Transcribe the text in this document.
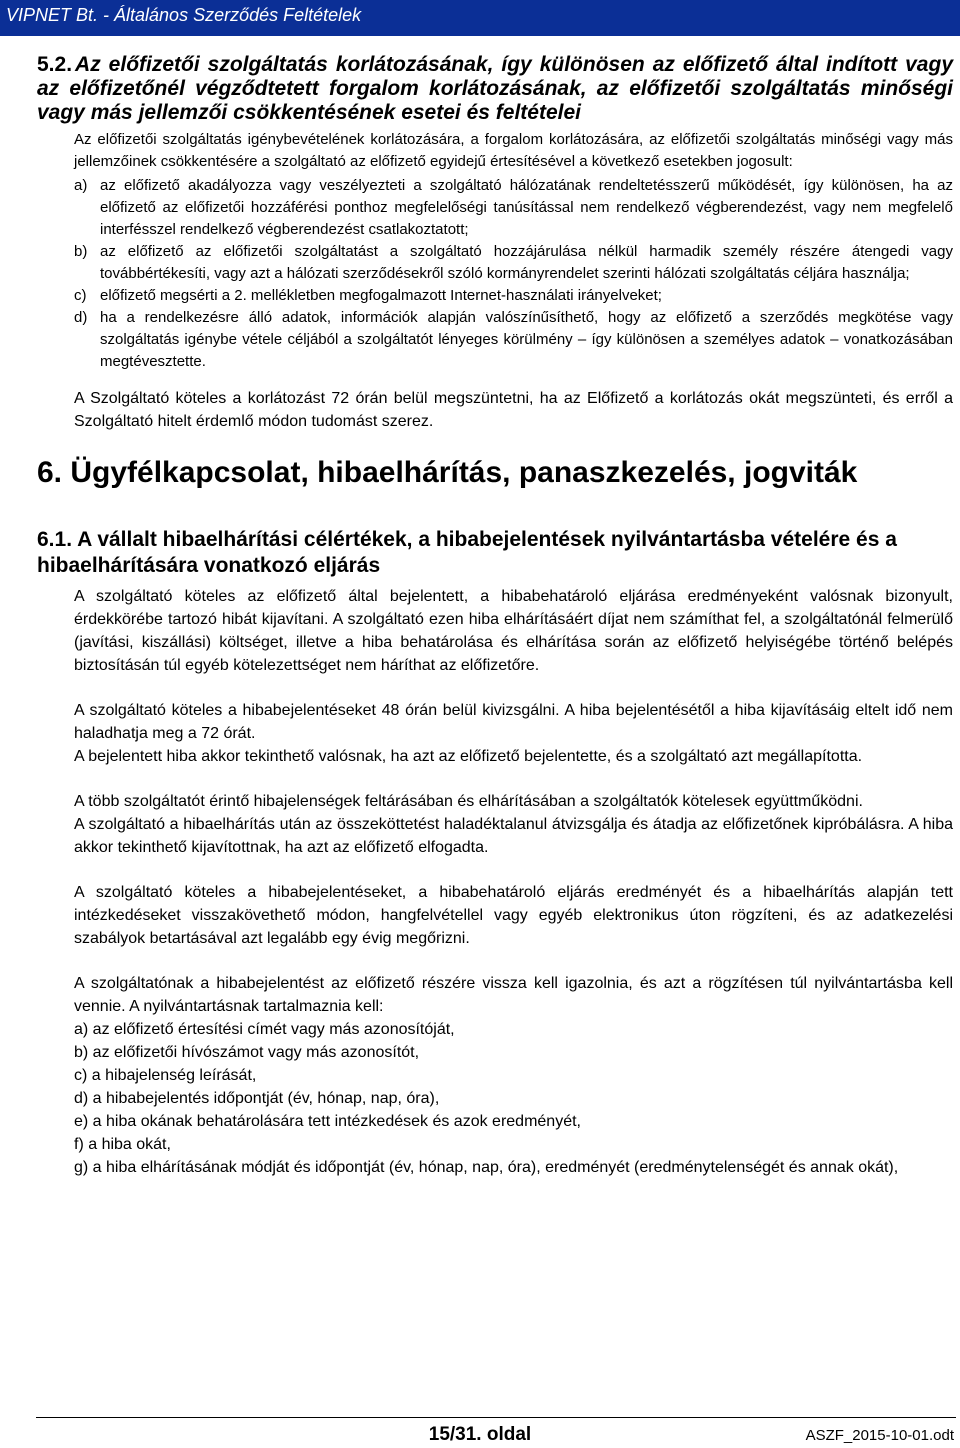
VIPNET Bt. - Általános Szerződés Feltételek
5.2. Az előfizetői szolgáltatás korlátozásának, így különösen az előfizető által indított vagy az előfizetőnél végződtetett forgalom korlátozásának, az előfizetői szolgáltatás minőségi vagy más jellemzői csökkentésének esetei és feltételei
Az előfizetői szolgáltatás igénybevételének korlátozására, a forgalom korlátozására, az előfizetői szolgáltatás minőségi vagy más jellemzőinek csökkentésére a szolgáltató az előfizető egyidejű értesítésével a következő esetekben jogosult:
a) az előfizető akadályozza vagy veszélyezteti a szolgáltató hálózatának rendeltetésszerű működését, így különösen, ha az előfizető az előfizetői hozzáférési ponthoz megfelelőségi tanúsítással nem rendelkező végberendezést, vagy nem megfelelő interfésszel rendelkező végberendezést csatlakoztatott;
b) az előfizető az előfizetői szolgáltatást a szolgáltató hozzájárulása nélkül harmadik személy részére átengedi vagy továbbértékesíti, vagy azt a hálózati szerződésekről szóló kormányrendelet szerinti hálózati szolgáltatás céljára használja;
c) előfizető megsérti a 2. mellékletben megfogalmazott Internet-használati irányelveket;
d) ha a rendelkezésre álló adatok, információk alapján valószínűsíthető, hogy az előfizető a szerződés megkötése vagy szolgáltatás igénybe vétele céljából a szolgáltatót lényeges körülmény – így különösen a személyes adatok – vonatkozásában megtévesztette.
A Szolgáltató köteles a korlátozást 72 órán belül megszüntetni, ha az Előfizető a korlátozás okát megszünteti, és erről a Szolgáltató hitelt érdemlő módon tudomást szerez.
6. Ügyfélkapcsolat, hibaelhárítás, panaszkezelés, jogviták
6.1. A vállalt hibaelhárítási célértékek, a hibabejelentések nyilvántartásba vételére és a hibaelhárítására vonatkozó eljárás
A szolgáltató köteles az előfizető által bejelentett, a hibabehatároló eljárása eredményeként valósnak bizonyult, érdekkörébe tartozó hibát kijavítani. A szolgáltató ezen hiba elhárításáért díjat nem számíthat fel, a szolgáltatónál felmerülő (javítási, kiszállási) költséget, illetve a hiba behatárolása és elhárítása során az előfizető helyiségébe történő belépés biztosításán túl egyéb kötelezettséget nem háríthat az előfizetőre.
A szolgáltató köteles a hibabejelentéseket 48 órán belül kivizsgálni. A hiba bejelentésétől a hiba kijavításáig eltelt idő nem haladhatja meg a 72 órát.
A bejelentett hiba akkor tekinthető valósnak, ha azt az előfizető bejelentette, és a szolgáltató azt megállapította.
A több szolgáltatót érintő hibajelenségek feltárásában és elhárításában a szolgáltatók kötelesek együttműködni.
A szolgáltató a hibaelhárítás után az összeköttetést haladéktalanul átvizsgálja és átadja az előfizetőnek kipróbálásra. A hiba akkor tekinthető kijavítottnak, ha azt az előfizető elfogadta.
A szolgáltató köteles a hibabejelentéseket, a hibabehatároló eljárás eredményét és a hibaelhárítás alapján tett intézkedéseket visszakövethető módon, hangfelvétellel vagy egyéb elektronikus úton rögzíteni, és az adatkezelési szabályok betartásával azt legalább egy évig megőrizni.
A szolgáltatónak a hibabejelentést az előfizető részére vissza kell igazolnia, és azt a rögzítésen túl nyilvántartásba kell vennie. A nyilvántartásnak tartalmaznia kell:
a) az előfizető értesítési címét vagy más azonosítóját,
b) az előfizetői hívószámot vagy más azonosítót,
c) a hibajelenség leírását,
d) a hibabejelentés időpontját (év, hónap, nap, óra),
e) a hiba okának behatárolására tett intézkedések és azok eredményét,
f) a hiba okát,
g) a hiba elhárításának módját és időpontját (év, hónap, nap, óra), eredményét (eredménytelenségét és annak okát),
15/31. oldal	ASZF_2015-10-01.odt
